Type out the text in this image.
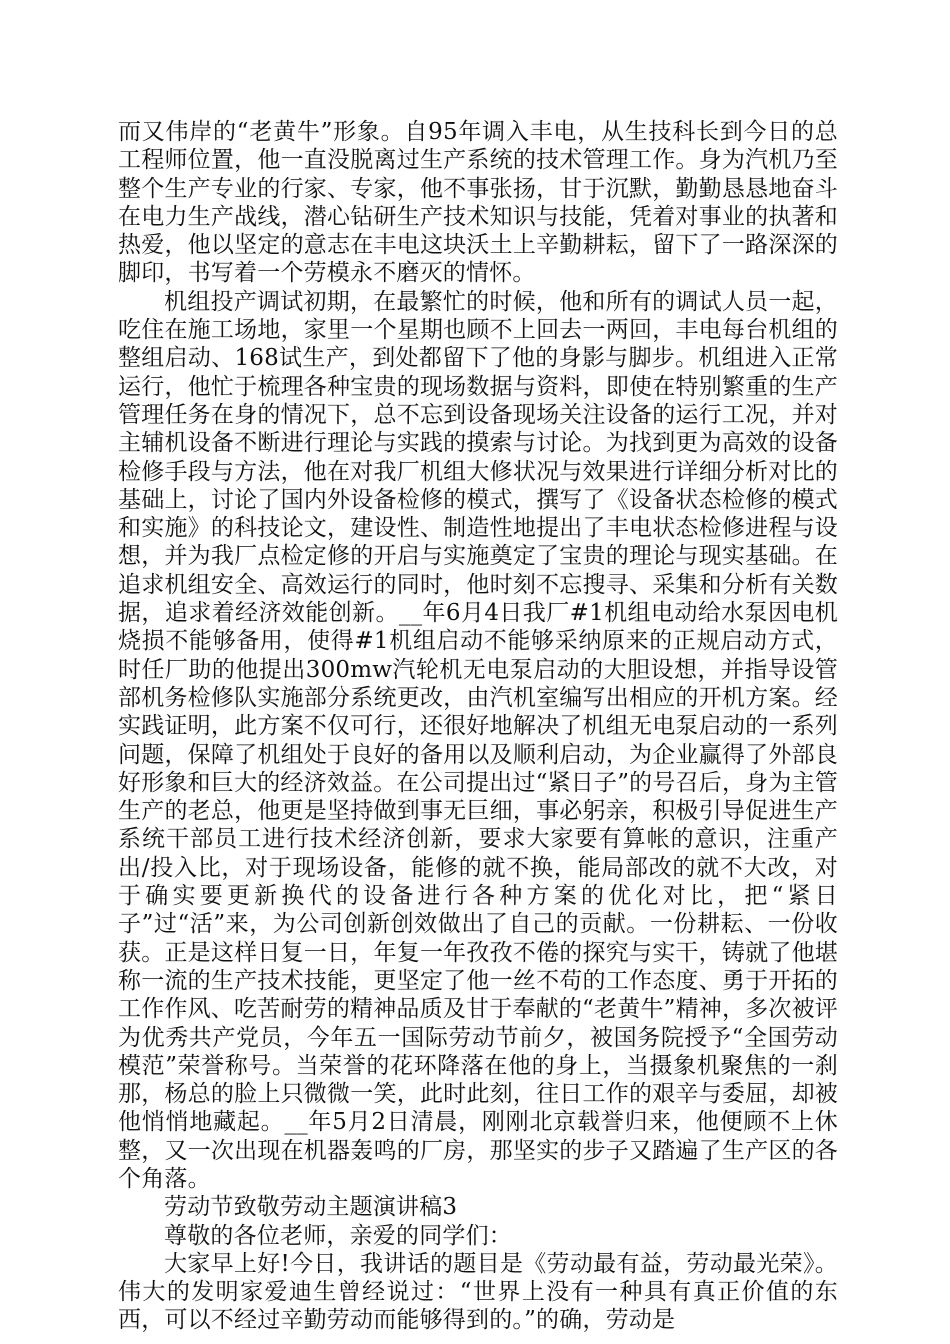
而又伟岸的“老黄牛”形象。自95年调入丰电，从生技科长到今日的总工程师位置，他一直没脱离过生产系统的技术管理工作。身为汽机乃至整个生产专业的行家、专家，他不事张扬，甘于沉默，勤勤恳恳地奋斗在电力生产战线，潜心钻研生产技术知识与技能，凭着对事业的执著和热爱，他以坚定的意志在丰电这块沃土上辛勤耕耘，留下了一路深深的脚印，书写着一个劳模永不磨灭的情怀。

机组投产调试初期，在最繁忙的时候，他和所有的调试人员一起，吃住在施工场地，家里一个星期也顾不上回去一两回，丰电每台机组的整组启动、168试生产，到处都留下了他的身影与脚步。机组进入正常运行，他忙于梳理各种宝贵的现场数据与资料，即使在特别繁重的生产管理任务在身的情况下，总不忘到设备现场关注设备的运行工况，并对主辅机设备不断进行理论与实践的摸索与讨论。为找到更为高效的设备检修手段与方法，他在对我厂机组大修状况与效果进行详细分析对比的基础上，讨论了国内外设备检修的模式，撰写了《设备状态检修的模式和实施》的科技论文，建设性、制造性地提出了丰电状态检修进程与设想，并为我厂点检定修的开启与实施奠定了宝贵的理论与现实基础。在追求机组安全、高效运行的同时，他时刻不忘搜寻、采集和分析有关数据，追求着经济效能创新。__年6月4日我厂#1机组电动给水泵因电机烧损不能够备用，使得#1机组启动不能够采纳原来的正规启动方式，时任厂助的他提出300mw汽轮机无电泵启动的大胆设想，并指导设管部机务检修队实施部分系统更改，由汽机室编写出相应的开机方案。经实践证明，此方案不仅可行，还很好地解决了机组无电泵启动的一系列问题，保障了机组处于良好的备用以及顺利启动，为企业赢得了外部良好形象和巨大的经济效益。在公司提出过“紧日子”的号召后，身为主管生产的老总，他更是坚持做到事无巨细，事必躬亲，积极引导促进生产系统干部员工进行技术经济创新，要求大家要有算帐的意识，注重产出/投入比，对于现场设备，能修的就不换，能局部改的就不大改，对于确实要更新换代的设备进行各种方案的优化对比，把“紧日子”过“活”来，为公司创新创效做出了自己的贡献。一份耕耘、一份收获。正是这样日复一日，年复一年孜孜不倦的探究与实干，铸就了他堪称一流的生产技术技能，更坚定了他一丝不苟的工作态度、勇于开拓的工作作风、吃苦耐劳的精神品质及甘于奉献的“老黄牛”精神，多次被评为优秀共产党员，今年五一国际劳动节前夕，被国务院授予“全国劳动模范”荣誉称号。当荣誉的花环降落在他的身上，当摄象机聚焦的一刹那，杨总的脸上只微微一笑，此时此刻，往日工作的艰辛与委屈，却被他悄悄地藏起。__年5月2日清晨，刚刚北京载誉归来，他便顾不上休整，又一次出现在机器轰鸣的厂房，那坚实的步子又踏遍了生产区的各个角落。

劳动节致敬劳动主题演讲稿3

尊敬的各位老师，亲爱的同学们：

大家早上好!今日，我讲话的题目是《劳动最有益，劳动最光荣》。伟大的发明家爱迪生曾经说过：“世界上没有一种具有真正价值的东西，可以不经过辛勤劳动而能够得到的。”的确，劳动是
